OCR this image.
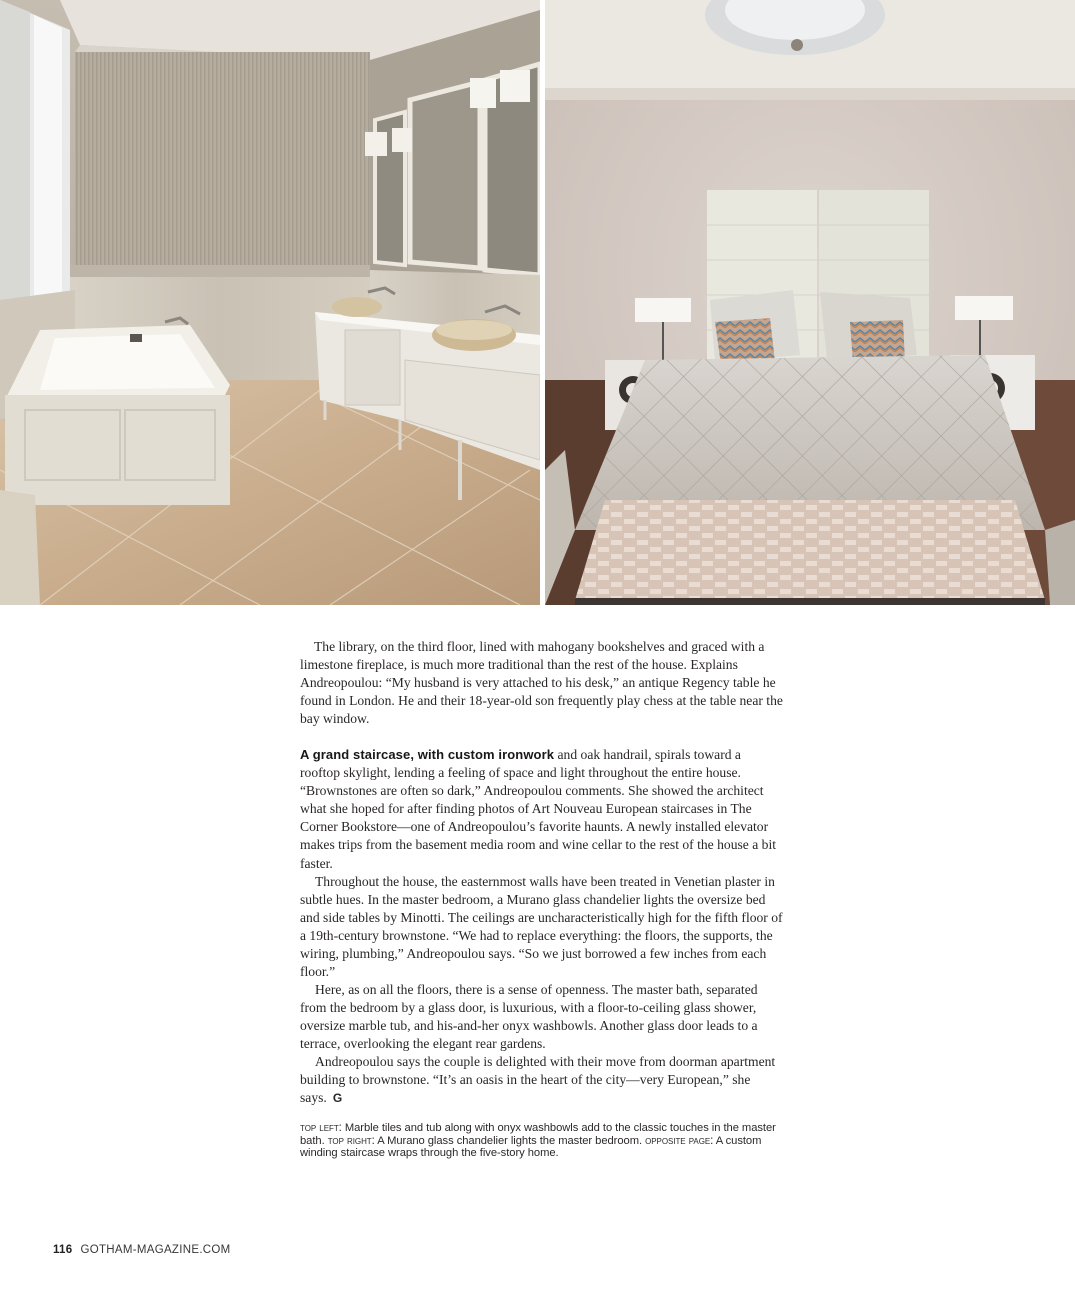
The library, on the third floor, lined with mahogany bookshelves and graced with a limestone fireplace, is much more traditional than the rest of the house. Explains Andreopoulou: “My husband is very attached to his desk,” an antique Regency table he found in London. He and their 18-year-old son frequently play chess at the table near the bay window.

A grand staircase, with custom ironwork and oak handrail, spirals toward a rooftop skylight, lending a feeling of space and light throughout the entire house. “Brownstones are often so dark,” Andreopoulou comments. She showed the architect what she hoped for after finding photos of Art Nouveau European staircases in The Corner Bookstore—one of Andreopoulou’s favorite haunts. A newly installed elevator makes trips from the basement media room and wine cellar to the rest of the house a bit faster.

Throughout the house, the easternmost walls have been treated in Venetian plaster in subtle hues. In the master bedroom, a Murano glass chandelier lights the oversize bed and side tables by Minotti. The ceilings are uncharacteristically high for the fifth floor of a 19th-century brownstone. “We had to replace everything: the floors, the supports, the wiring, plumbing,” Andreopoulou says. “So we just borrowed a few inches from each floor.”

Here, as on all the floors, there is a sense of openness. The master bath, separated from the bedroom by a glass door, is luxurious, with a floor-to-ceiling glass shower, oversize marble tub, and his-and-her onyx washbowls. Another glass door leads to a terrace, overlooking the elegant rear gardens.

Andreopoulou says the couple is delighted with their move from doorman apartment building to brownstone. “It’s an oasis in the heart of the city—very European,” she says. G

top left: Marble tiles and tub along with onyx washbowls add to the classic touches in the master bath. top right: A Murano glass chandelier lights the master bedroom. opposite page: A custom winding staircase wraps through the five-story home.
116 GOTHAM-MAGAZINE.COM
